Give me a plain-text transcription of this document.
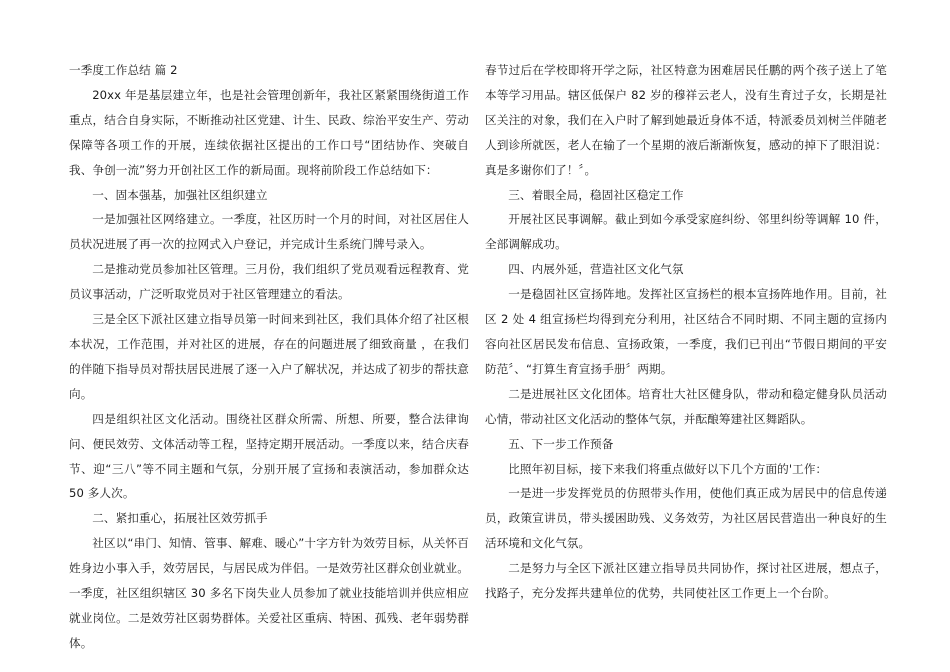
一季度工作总结 篇 2

20xx 年是基层建立年，也是社会管理创新年，我社区紧紧围绕街道工作重点，结合自身实际，不断推动社区党建、计生、民政、综治平安生产、劳动保障等各项工作的开展，连续依据社区提出的工作口号“团结协作、突破自我、争创一流”努力开创社区工作的新局面。现将前阶段工作总结如下：

一、固本强基，加强社区组织建立

一是加强社区网络建立。一季度，社区历时一个月的时间，对社区居住人员状况进展了再一次的拉网式入户登记，并完成计生系统门牌号录入。

二是推动党员参加社区管理。三月份，我们组织了党员观看远程教育、党员议事活动，广泛听取党员对于社区管理建立的看法。

三是全区下派社区建立指导员第一时间来到社区，我们具体介绍了社区根本状况，工作范围，并对社区的进展，存在的问题进展了细致商量 ，在我们的伴随下指导员对帮扶居民进展了逐一入户了解状况，并达成了初步的帮扶意向。

四是组织社区文化活动。围绕社区群众所需、所想、所要，整合法律询问、便民效劳、文体活动等工程，坚持定期开展活动。一季度以来，结合庆春节、迎“三八”等不同主题和气氛，分别开展了宣扬和表演活动，参加群众达 50 多人次。

二、紧扣重心，拓展社区效劳抓手

社区以“串门、知情、管事、解难、暖心”十字方针为效劳目标，从关怀百姓身边小事入手，效劳居民，与居民成为伴侣。一是效劳社区群众创业就业。一季度，社区组织辖区 30 多名下岗失业人员参加了就业技能培训并供应相应就业岗位。二是效劳社区弱势群体。关爱社区重病、特困、孤残、老年弱势群体。

春节过后在学校即将开学之际，社区特意为困难居民任鹏的两个孩子送上了笔本等学习用品。辖区低保户 82 岁的穆祥云老人，没有生育过子女，长期是社区关注的对象，我们在入户时了解到她最近身体不适，特派委员刘树兰伴随老人到诊所就医，老人在输了一个星期的液后渐渐恢复，感动的掉下了眼泪说：真是多谢你们了！〞。

三、着眼全局，稳固社区稳定工作

开展社区民事调解。截止到如今承受家庭纠纷、邻里纠纷等调解 10 件，全部调解成功。

四、内展外延，营造社区文化气氛

一是稳固社区宣扬阵地。发挥社区宣扬栏的根本宣扬阵地作用。目前，社区 2 处 4 组宣扬栏均得到充分利用，社区结合不同时期、不同主题的宣扬内容向社区居民发布信息、宣扬政策，一季度，我们已刊出“节假日期间的平安防范〞、“打算生育宣扬手册〞两期。

二是进展社区文化团体。培育壮大社区健身队，带动和稳定健身队员活动心情，带动社区文化活动的整体气氛，并酝酿筹建社区舞蹈队。

五、下一步工作预备

比照年初目标，接下来我们将重点做好以下几个方面的'工作：

一是进一步发挥党员的仿照带头作用，使他们真正成为居民中的信息传递员，政策宣讲员，带头援困助残、义务效劳，为社区居民营造出一种良好的生活环境和文化气氛。

二是努力与全区下派社区建立指导员共同协作，探讨社区进展，想点子，找路子，充分发挥共建单位的优势，共同使社区工作更上一个台阶。
